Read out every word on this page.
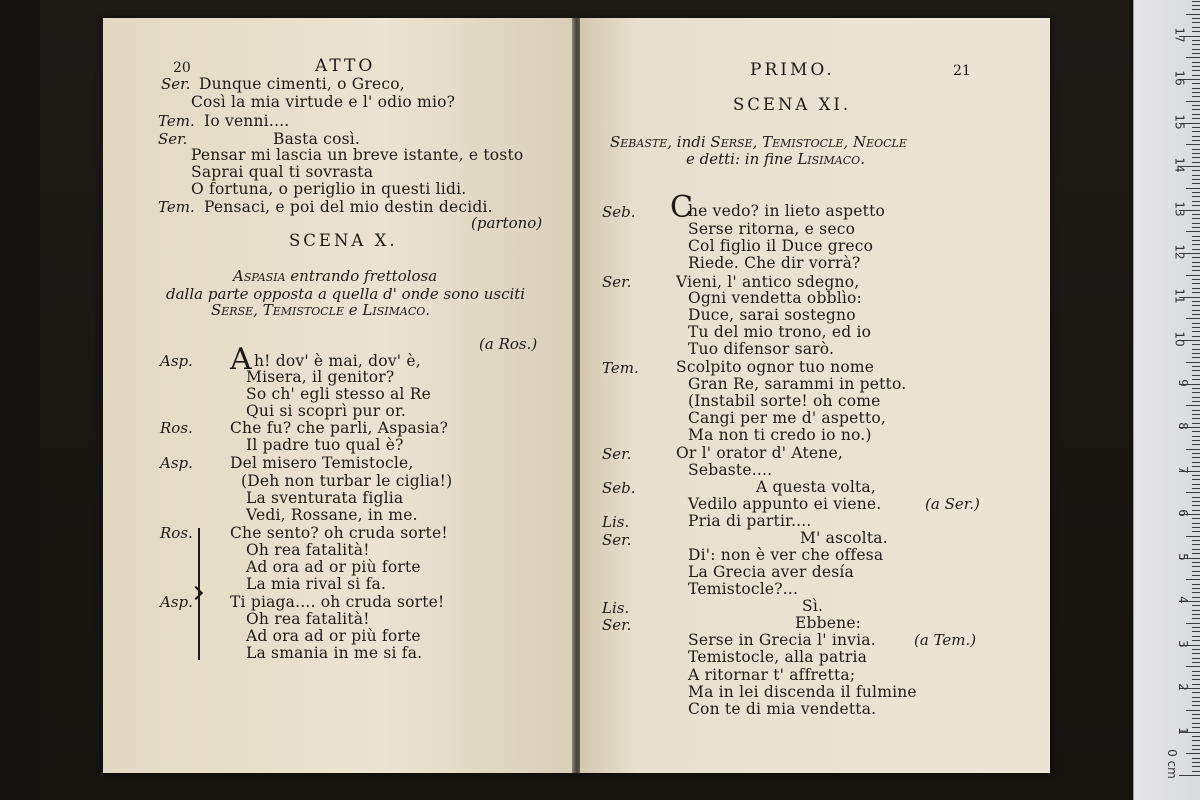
20	ATTO
(partono)
SCENA X.
Aspasia entrando frettolosa
dalla parte opposta a quella d' onde sono usciti
Serse, Temistocle e Lisimaco.
(a Ros.)
Ser. Dunque cimenti, o Greco,
Così la mia virtude e l' odio mio?
Tem. Io venni....
Ser.	Basta così.
Pensar mi lascia un breve istante, e tosto
Saprai qual ti sovrasta
O fortuna, o periglio in questi lidi.
Tem. Pensaci, e poi del mio destin decidi.
Asp. A h! dov' è mai, dov' è,
Misera, il genitor?
So ch' egli stesso al Re
Qui si scoprì pur or.
Ros. Che fu? che parli, Aspasia?
Il padre tuo qual è?
Asp. Del misero Temistocle,
(Deh non turbar le ciglia!)
La sventurata figlia
Vedi, Rossane, in me.
Ros. Che sento? oh cruda sorte!
Oh rea fatalità!
Ad ora ad or più forte
La mia rival si fa.
Asp. Ti piaga.... oh cruda sorte!
Oh rea fatalità!
Ad ora ad or più forte
La smania in me si fa.
PRIMO.	21
SCENA XI.
Sebaste, indi Serse, Temistocle, Neocle
e detti: in fine Lisimaco.
(a Ser.)
(a Tem.)
Seb. C
he vedo? in lieto aspetto
Serse ritorna, e seco
Col figlio il Duce greco
Riede. Che dir vorrà?
Ser.	Vieni, l' antico sdegno,
Ogni vendetta obblìo:
Duce, sarai sostegno
Tu del mio trono, ed io
Tuo difensor sarò.
Tem. Scolpito ognor tuo nome
Gran Re, sarammi in petto.
(Instabil sorte! oh come
Cangi per me d' aspetto,
Ma non ti credo io no.)
Ser.	Or l' orator d' Atene,
Sebaste....
Seb.	A questa volta,
Vedilo appunto ei viene.
Lis.	Pria di partir....
Ser.	M' ascolta.
Di': non è ver che offesa
La Grecia aver desía
Temistocle?...
Lis.	Sì.
Ser.	Ebbene:
Serse in Grecia l' invia.
Temistocle, alla patria
A ritornar t' affretta;
Ma in lei discenda il fulmine
Con te di mia vendetta.
0 cm
1
2
3
4
5
6
7
8
9
10
11
12
13
14
15
16
17
